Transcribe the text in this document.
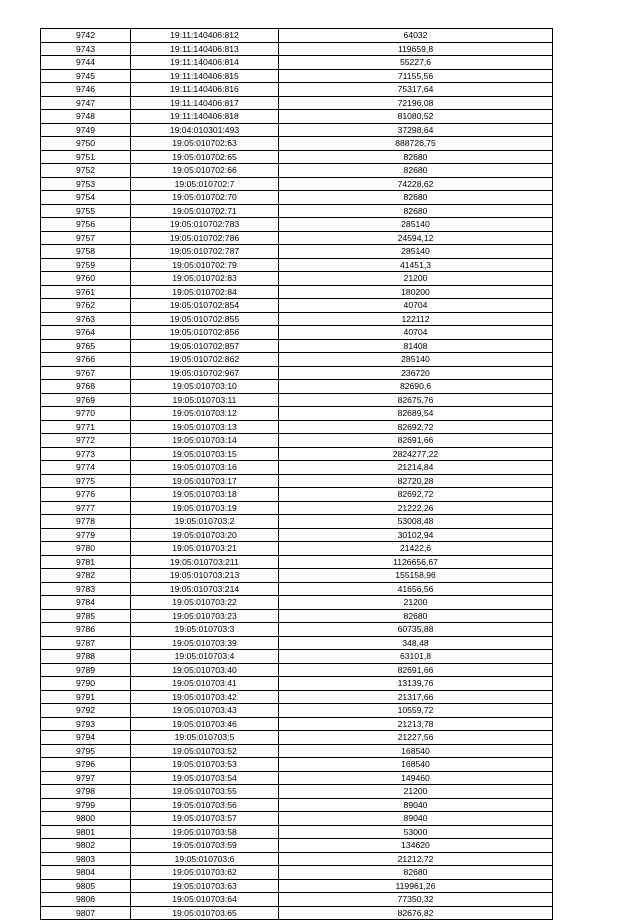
9742	19:11:140406:812	64032
9743	19:11:140406:813	119659,8
9744	19:11:140406:814	55227,6
9745	19:11:140406:815	71155,56
9746	19:11:140406:816	75317,64
9747	19:11:140406:817	72196,08
9748	19:11:140406:818	81080,52
9749	19:04:010301:493	37298,64
9750	19:05:010702:63	888726,75
9751	19:05:010702:65	82680
9752	19:05:010702:66	82680
9753	19:05:010702:7	74228,62
9754	19:05:010702:70	82680
9755	19:05:010702:71	82680
9756	19:05:010702:783	285140
9757	19:05:010702:786	24594,12
9758	19:05:010702:787	285140
9759	19:05:010702:79	41451,3
9760	19:05:010702:83	21200
9761	19:05:010702:84	180200
9762	19:05:010702:854	40704
9763	19:05:010702:855	122112
9764	19:05:010702:856	40704
9765	19:05:010702:857	81408
9766	19:05:010702:862	285140
9767	19:05:010702:967	236720
9768	19:05:010703:10	82690,6
9769	19:05:010703:11	82675,76
9770	19:05:010703:12	82689,54
9771	19:05:010703:13	82692,72
9772	19:05:010703:14	82691,66
9773	19:05:010703:15	2824277,22
9774	19:05:010703:16	21214,84
9775	19:05:010703:17	82720,28
9776	19:05:010703:18	82692,72
9777	19:05:010703:19	21222,26
9778	19:05:010703:2	53008,48
9779	19:05:010703:20	30102,94
9780	19:05:010703:21	21422,6
9781	19:05:010703:211	1126656,67
9782	19:05:010703:213	155158,96
9783	19:05:010703:214	41656,56
9784	19:05:010703:22	21200
9785	19:05:010703:23	82680
9786	19:05:010703:3	60735,88
9787	19:05:010703:39	348,48
9788	19:05:010703:4	63101,8
9789	19:05:010703:40	82691,66
9790	19:05:010703:41	13139,76
9791	19:05:010703:42	21317,66
9792	19:05:010703:43	10559,72
9793	19:05:010703:46	21213,78
9794	19:05:010703:5	21227,56
9795	19:05:010703:52	168540
9796	19:05:010703:53	168540
9797	19:05:010703:54	149460
9798	19:05:010703:55	21200
9799	19:05:010703:56	89040
9800	19:05:010703:57	89040
9801	19:05:010703:58	53000
9802	19:05:010703:59	134620
9803	19:05:010703:6	21212,72
9804	19:05:010703:62	82680
9805	19:05:010703:63	119961,26
9806	19:05:010703:64	77350,32
9807	19:05:010703:65	82676,82
